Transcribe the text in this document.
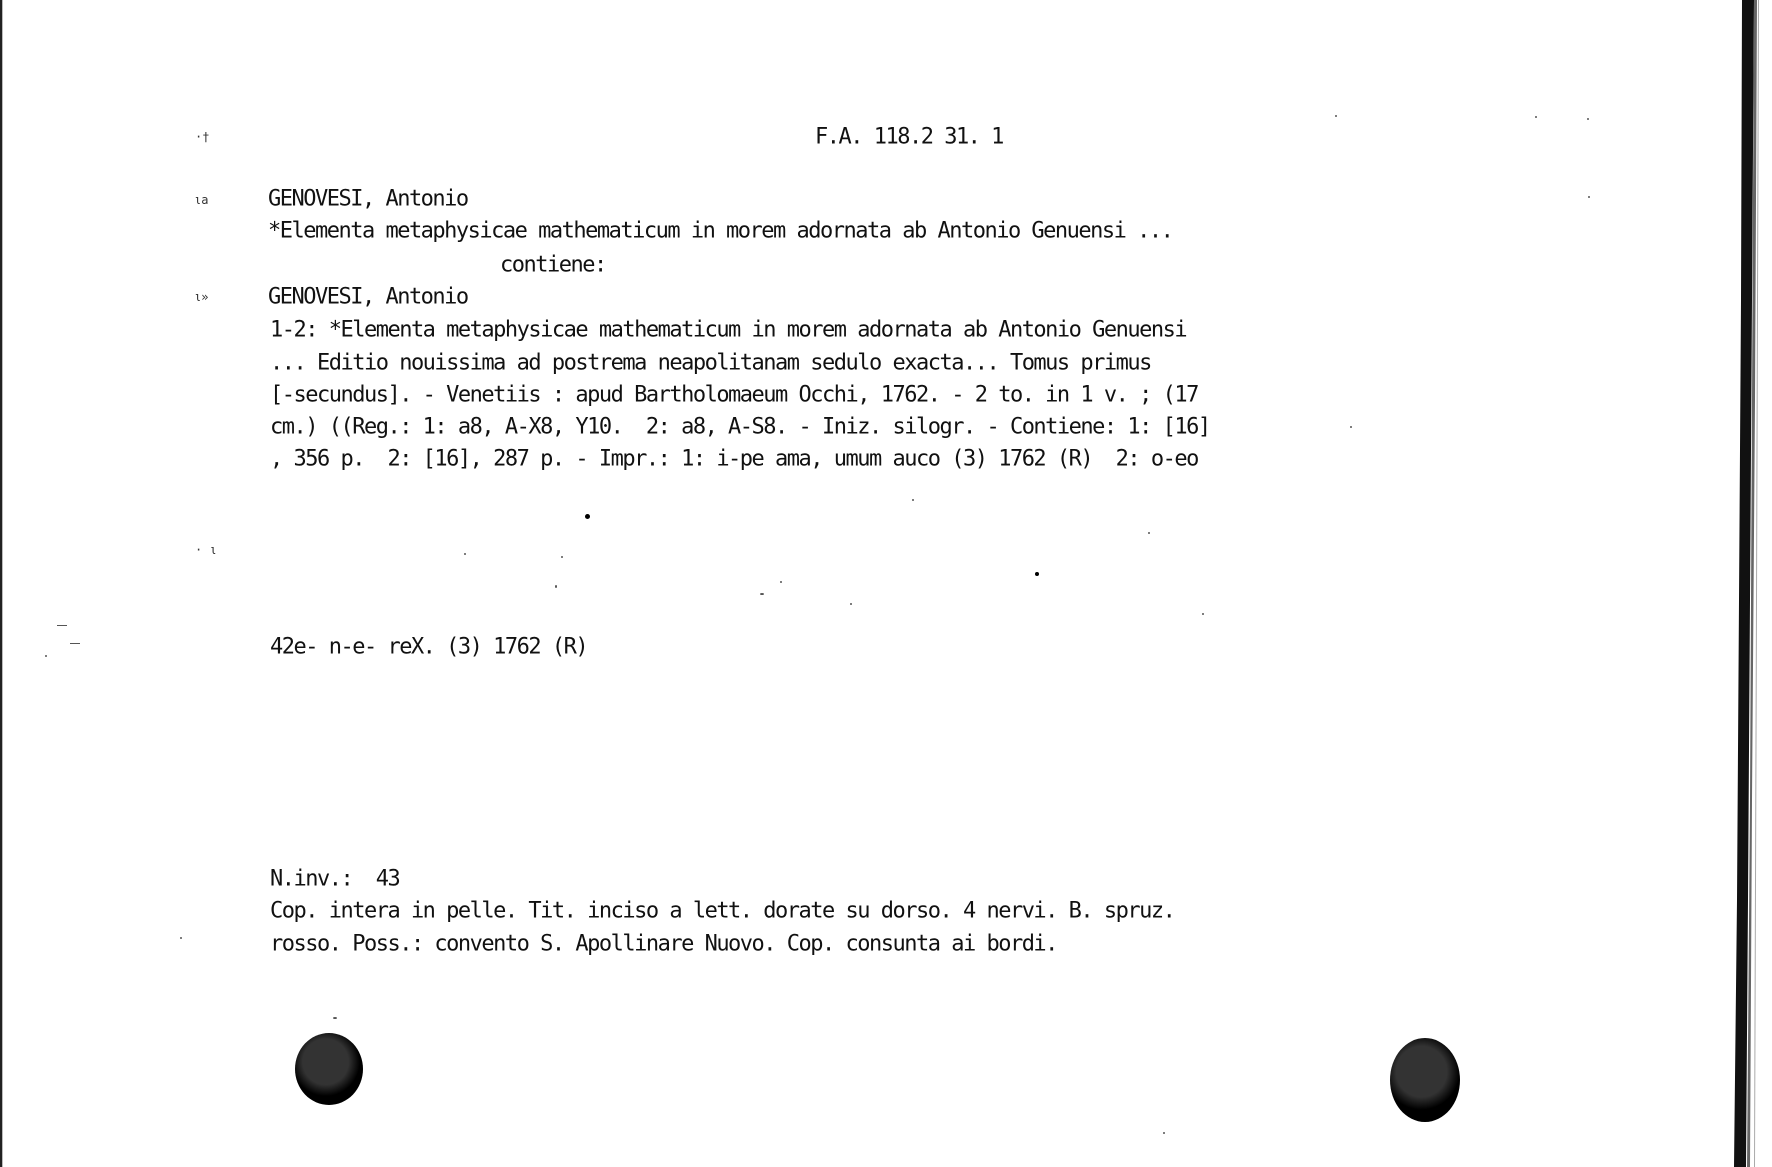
F.A. 118.2 31. 1
·†
ιa
ι»
· ι
GENOVESI, Antonio
*Elementa metaphysicae mathematicum in morem adornata ab Antonio Genuensi ...
contiene:
GENOVESI, Antonio
1-2: *Elementa metaphysicae mathematicum in morem adornata ab Antonio Genuensi
... Editio nouissima ad postrema neapolitanam sedulo exacta... Tomus primus
[-secundus]. - Venetiis : apud Bartholomaeum Occhi, 1762. - 2 to. in 1 v. ; (17
cm.) ((Reg.: 1: a8, A-X8, Y10.  2: a8, A-S8. - Iniz. silogr. - Contiene: 1: [16]
, 356 p.  2: [16], 287 p. - Impr.: 1: i-pe ama, umum auco (3) 1762 (R)  2: o-eo
42e- n-e- reX. (3) 1762 (R)
N.inv.: 43
Cop. intera in pelle. Tit. inciso a lett. dorate su dorso. 4 nervi. B. spruz.
rosso. Poss.: convento S. Apollinare Nuovo. Cop. consunta ai bordi.
